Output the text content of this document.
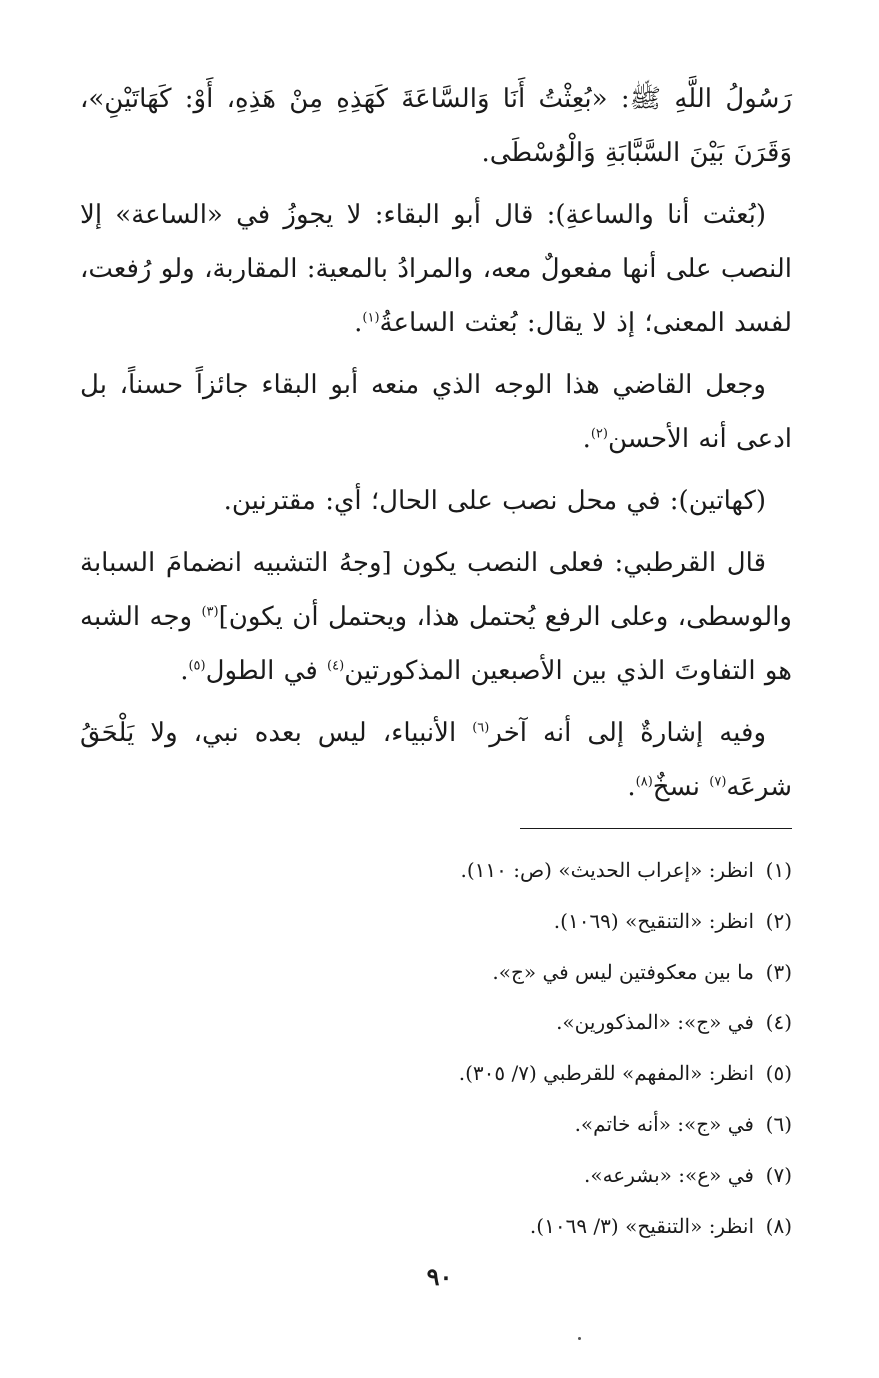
رَسُولُ اللَّهِ ﷺ: «بُعِثْتُ أَنَا وَالسَّاعَةَ كَهَذِهِ مِنْ هَذِهِ، أَوْ: كَهَاتَيْنِ»، وَقَرَنَ بَيْنَ السَّبَّابَةِ وَالْوُسْطَى.

(بُعثت أنا والساعةِ): قال أبو البقاء: لا يجوزُ في «الساعة» إلا النصب على أنها مفعولٌ معه، والمرادُ بالمعية: المقاربة، ولو رُفعت، لفسد المعنى؛ إذ لا يقال: بُعثت الساعةُ$^{(١)}$.

وجعل القاضي هذا الوجه الذي منعه أبو البقاء جائزاً حسناً، بل ادعى أنه الأحسن$^{(٢)}$.

(كهاتين): في محل نصب على الحال؛ أي: مقترنين.

قال القرطبي: فعلى النصب يكون [وجهُ التشبيه انضمامَ السبابة والوسطى، وعلى الرفع يُحتمل هذا، ويحتمل أن يكون]$^{(٣)}$ وجه الشبه هو التفاوتَ الذي بين الأصبعين المذكورتين$^{(٤)}$ في الطول$^{(٥)}$.

وفيه إشارةٌ إلى أنه آخر$^{(٦)}$ الأنبياء، ليس بعده نبي، ولا يَلْحَقُ شرعَه$^{(٧)}$ نسخٌ$^{(٨)}$.

(١)انظر: «إعراب الحديث» (ص: ١١٠).
(٢)انظر: «التنقيح» (١٠٦٩).
(٣)ما بين معكوفتين ليس في «ج».
(٤)في «ج»: «المذكورين».
(٥)انظر: «المفهم» للقرطبي (٧/ ٣٠٥).
(٦)في «ج»: «أنه خاتم».
(٧)في «ع»: «بشرعه».
(٨)انظر: «التنقيح» (٣/ ١٠٦٩).
٩٠
